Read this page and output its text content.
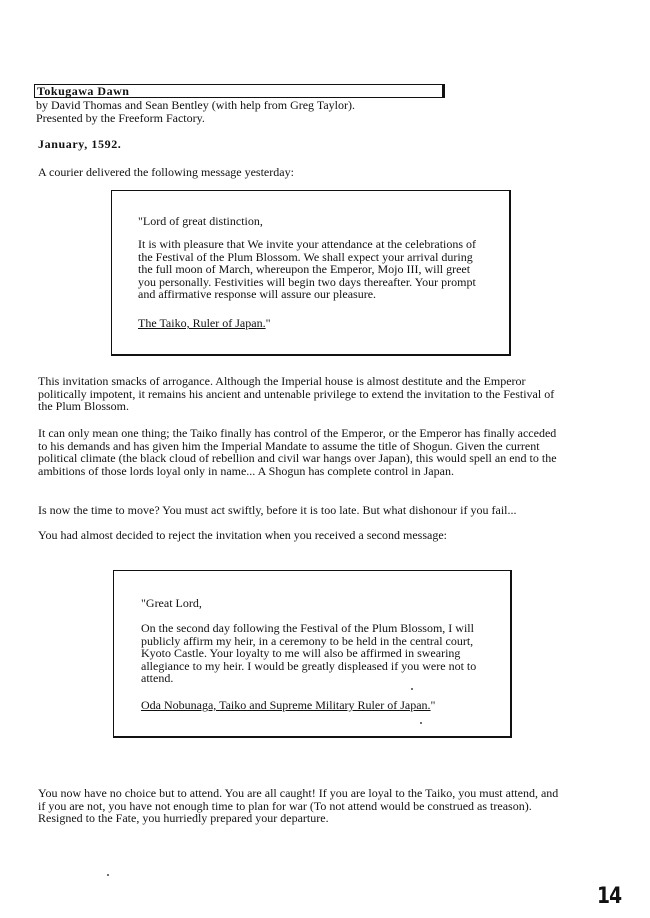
Tokugawa Dawn
by David Thomas and Sean Bentley (with help from Greg Taylor).
Presented by the Freeform Factory.
January, 1592.
A courier delivered the following message yesterday:
"Lord of great distinction,
It is with pleasure that We invite your attendance at the celebrations of the Festival of the Plum Blossom. We shall expect your arrival during the full moon of March, whereupon the Emperor, Mojo III, will greet you personally. Festivities will begin two days thereafter. Your prompt and affirmative response will assure our pleasure.
The Taiko, Ruler of Japan."
This invitation smacks of arrogance. Although the Imperial house is almost destitute and the Emperor politically impotent, it remains his ancient and untenable privilege to extend the invitation to the Festival of the Plum Blossom.
It can only mean one thing; the Taiko finally has control of the Emperor, or the Emperor has finally acceded to his demands and has given him the Imperial Mandate to assume the title of Shogun. Given the current political climate (the black cloud of rebellion and civil war hangs over Japan), this would spell an end to the ambitions of those lords loyal only in name... A Shogun has complete control in Japan.
Is now the time to move? You must act swiftly, before it is too late. But what dishonour if you fail...
You had almost decided to reject the invitation when you received a second message:
"Great Lord,
On the second day following the Festival of the Plum Blossom, I will publicly affirm my heir, in a ceremony to be held in the central court, Kyoto Castle. Your loyalty to me will also be affirmed in swearing allegiance to my heir. I would be greatly displeased if you were not to attend.
Oda Nobunaga, Taiko and Supreme Military Ruler of Japan."
You now have no choice but to attend. You are all caught! If you are loyal to the Taiko, you must attend, and if you are not, you have not enough time to plan for war (To not attend would be construed as treason). Resigned to the Fate, you hurriedly prepared your departure.
14
